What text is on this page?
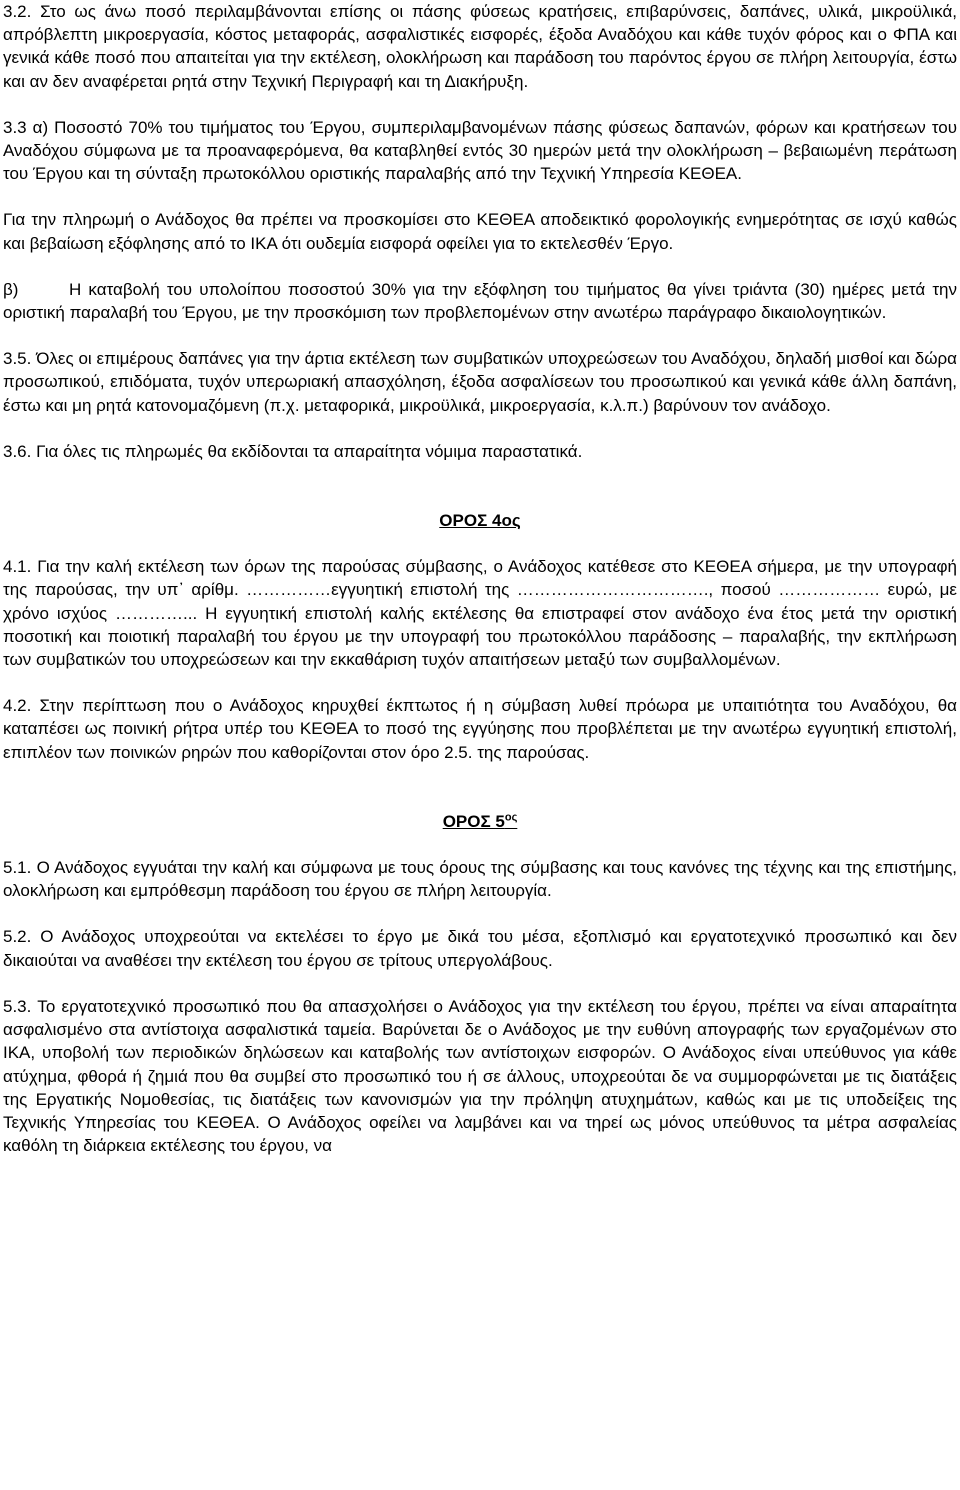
3.2. Στο ως άνω ποσό περιλαμβάνονται επίσης οι πάσης φύσεως κρατήσεις, επιβαρύνσεις, δαπάνες, υλικά, μικροϋλικά, απρόβλεπτη μικροεργασία, κόστος μεταφοράς, ασφαλιστικές εισφορές, έξοδα Αναδόχου και κάθε τυχόν φόρος και ο ΦΠΑ και γενικά κάθε ποσό που απαιτείται για την εκτέλεση, ολοκλήρωση και παράδοση του παρόντος έργου σε πλήρη λειτουργία, έστω και αν δεν αναφέρεται ρητά στην Τεχνική Περιγραφή και τη Διακήρυξη.

3.3 α) Ποσοστό 70% του τιμήματος του Έργου, συμπεριλαμβανομένων πάσης φύσεως δαπανών, φόρων και κρατήσεων του Αναδόχου σύμφωνα με τα προαναφερόμενα, θα καταβληθεί εντός 30 ημερών μετά την ολοκλήρωση – βεβαιωμένη περάτωση του Έργου και τη σύνταξη πρωτοκόλλου οριστικής παραλαβής από την Τεχνική Υπηρεσία ΚΕΘΕΑ.

Για την πληρωμή ο Ανάδοχος θα πρέπει να προσκομίσει στο ΚΕΘΕΑ αποδεικτικό φορολογικής ενημερότητας σε ισχύ καθώς και βεβαίωση εξόφλησης από το ΙΚΑ ότι ουδεμία εισφορά οφείλει για το εκτελεσθέν Έργο.

β)	Η καταβολή του υπολοίπου ποσοστού 30% για την εξόφληση του τιμήματος θα γίνει τριάντα (30) ημέρες μετά την οριστική παραλαβή του Έργου, με την προσκόμιση των προβλεπομένων στην ανωτέρω παράγραφο δικαιολογητικών.

3.5. Όλες οι επιμέρους δαπάνες για την άρτια εκτέλεση των συμβατικών υποχρεώσεων του Αναδόχου, δηλαδή μισθοί και δώρα προσωπικού, επιδόματα, τυχόν υπερωριακή απασχόληση, έξοδα ασφαλίσεων του προσωπικού και γενικά κάθε άλλη δαπάνη, έστω και μη ρητά κατονομαζόμενη (π.χ. μεταφορικά, μικροϋλικά, μικροεργασία, κ.λ.π.) βαρύνουν τον ανάδοχο.

3.6. Για όλες τις πληρωμές θα εκδίδονται τα απαραίτητα νόμιμα παραστατικά.

ΟΡΟΣ 4ος

4.1. Για την καλή εκτέλεση των όρων της παρούσας σύμβασης, ο Ανάδοχος κατέθεσε στο ΚΕΘΕΑ σήμερα, με την υπογραφή της παρούσας, την υπ᾽ αρίθμ. ……………εγγυητική επιστολή της ……………………………., ποσού ……………… ευρώ, με χρόνο ισχύος …………... Η εγγυητική επιστολή καλής εκτέλεσης θα επιστραφεί στον ανάδοχο ένα έτος μετά την οριστική ποσοτική και ποιοτική παραλαβή του έργου με την υπογραφή του πρωτοκόλλου παράδοσης – παραλαβής, την εκπλήρωση των συμβατικών του υποχρεώσεων και την εκκαθάριση τυχόν απαιτήσεων μεταξύ των συμβαλλομένων.

4.2. Στην περίπτωση που ο Ανάδοχος κηρυχθεί έκπτωτος ή η σύμβαση λυθεί πρόωρα με υπαιτιότητα του Αναδόχου, θα καταπέσει ως ποινική ρήτρα υπέρ του ΚΕΘΕΑ το ποσό της εγγύησης που προβλέπεται με την ανωτέρω εγγυητική επιστολή, επιπλέον των ποινικών ρηρών που καθορίζονται στον όρο 2.5. της παρούσας.

ΟΡΟΣ $5^{o\varsigma}$

5.1. Ο Ανάδοχος εγγυάται την καλή και σύμφωνα με τους όρους της σύμβασης και τους κανόνες της τέχνης και της επιστήμης, ολοκλήρωση και εμπρόθεσμη παράδοση του έργου σε πλήρη λειτουργία.

5.2. Ο Ανάδοχος υποχρεούται να εκτελέσει το έργο με δικά του μέσα, εξοπλισμό και εργατοτεχνικό προσωπικό και δεν δικαιούται να αναθέσει την εκτέλεση του έργου σε τρίτους υπεργολάβους.

5.3. Το εργατοτεχνικό προσωπικό που θα απασχολήσει ο Ανάδοχος για την εκτέλεση του έργου, πρέπει να είναι απαραίτητα ασφαλισμένο στα αντίστοιχα ασφαλιστικά ταμεία. Βαρύνεται δε ο Ανάδοχος με την ευθύνη απογραφής των εργαζομένων στο ΙΚΑ, υποβολή των περιοδικών δηλώσεων και καταβολής των αντίστοιχων εισφορών. Ο Ανάδοχος είναι υπεύθυνος για κάθε ατύχημα, φθορά ή ζημιά που θα συμβεί στο προσωπικό του ή σε άλλους, υποχρεούται δε να συμμορφώνεται με τις διατάξεις της Εργατικής Νομοθεσίας, τις διατάξεις των κανονισμών για την πρόληψη ατυχημάτων, καθώς και με τις υποδείξεις της Τεχνικής Υπηρεσίας του ΚΕΘΕΑ. Ο Ανάδοχος οφείλει να λαμβάνει και να τηρεί ως μόνος υπεύθυνος τα μέτρα ασφαλείας καθόλη τη διάρκεια εκτέλεσης του έργου, να
